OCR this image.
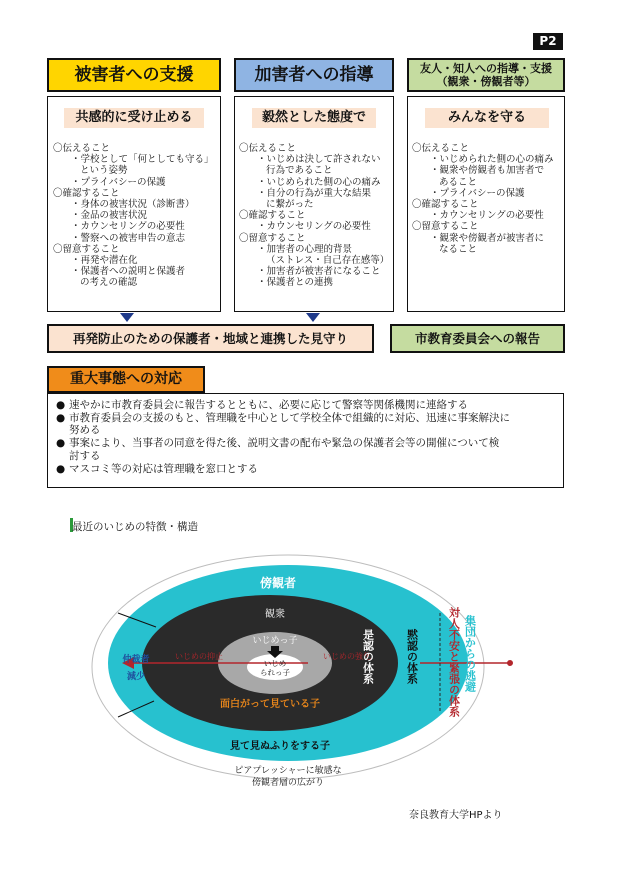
P2
被害者への支援	加害者への指導	友人・知人への指導・支援
（観衆・傍観者等）
共感的に受け止める	毅然とした態度で	みんなを守る
〇伝えること
・学校として「何としても守る」
という姿勢
・プライバシーの保護
〇確認すること
・身体の被害状況（診断書）
・金品の被害状況
・カウンセリングの必要性
・警察への被害申告の意志
〇留意すること
・再発や潜在化
・保護者への説明と保護者
の考えの確認
〇伝えること
・いじめは決して許されない
行為であること
・いじめられた側の心の痛み
・自分の行為が重大な結果
に繋がった
〇確認すること
・カウンセリングの必要性
〇留意すること
・加害者の心理的背景
（ストレス・自己存在感等）
・加害者が被害者になること
・保護者との連携
〇伝えること
・いじめられた側の心の痛み
・観衆や傍観者も加害者で
あること
・プライバシーの保護
〇確認すること
・カウンセリングの必要性
〇留意すること
・観衆や傍観者が被害者に
なること
再発防止のための保護者・地域と連携した見守り	市教育委員会への報告
重大事態への対応
● 速やかに市教育委員会に報告するとともに、必要に応じて警察等関係機関に連絡する
● 市教育委員会の支援のもと、管理職を中心として学校全体で組織的に対応、迅速に事案解決に
努める
● 事案により、当事者の同意を得た後、説明文書の配布や緊急の保護者会等の開催について検
討する
● マスコミ等の対応は管理職を窓口とする
最近のいじめの特徴・構造
傍観者
観衆
いじめっ子
いじめ
られっ子
いじめの抑止	いじめの強化
仲裁者
減少
面白がって見ている子
見て見ぬふりをする子
ピアプレッシャーに敏感な
傍観者層の広がり
是認の体系	黙認の体系	集団からの逃避
対人不安と緊張の体系
奈良教育大学HPより
